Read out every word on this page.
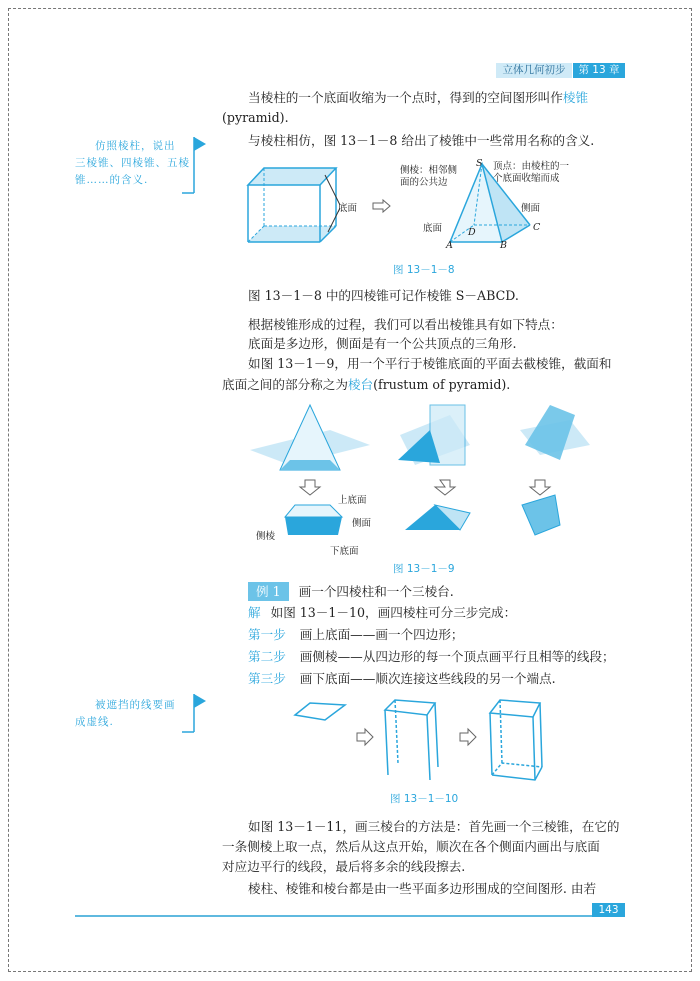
立体几何初步	第 13 章
当棱柱的一个底面收缩为一个点时，得到的空间图形叫作棱锥
(pyramid).
与棱柱相仿，图 13－1－8 给出了棱锥中一些常用名称的含义.
仿照棱柱，说出
三棱锥、四棱锥、五棱
锥……的含义.
底面
侧棱：相邻侧
面的公共边
顶点：由棱柱的一
个底面收缩而成
S
侧面
底面	D	C
A	B
图 13－1－8
图 13－1－8 中的四棱锥可记作棱锥 S－ABCD.
根据棱锥形成的过程，我们可以看出棱锥具有如下特点：
底面是多边形，侧面是有一个公共顶点的三角形.
如图 13－1－9，用一个平行于棱锥底面的平面去截棱锥，截面和
底面之间的部分称之为棱台(frustum of pyramid).
上底面
侧面
侧棱
下底面
图 13－1－9
例 1 画一个四棱柱和一个三棱台.
解 如图 13－1－10，画四棱柱可分三步完成：
第一步 画上底面——画一个四边形；
第二步 画侧棱——从四边形的每一个顶点画平行且相等的线段；
第三步 画下底面——顺次连接这些线段的另一个端点.
被遮挡的线要画
成虚线.
图 13－1－10
如图 13－1－11，画三棱台的方法是：首先画一个三棱锥，在它的
一条侧棱上取一点，然后从这点开始，顺次在各个侧面内画出与底面
对应边平行的线段，最后将多余的线段擦去.
棱柱、棱锥和棱台都是由一些平面多边形围成的空间图形. 由若
143
